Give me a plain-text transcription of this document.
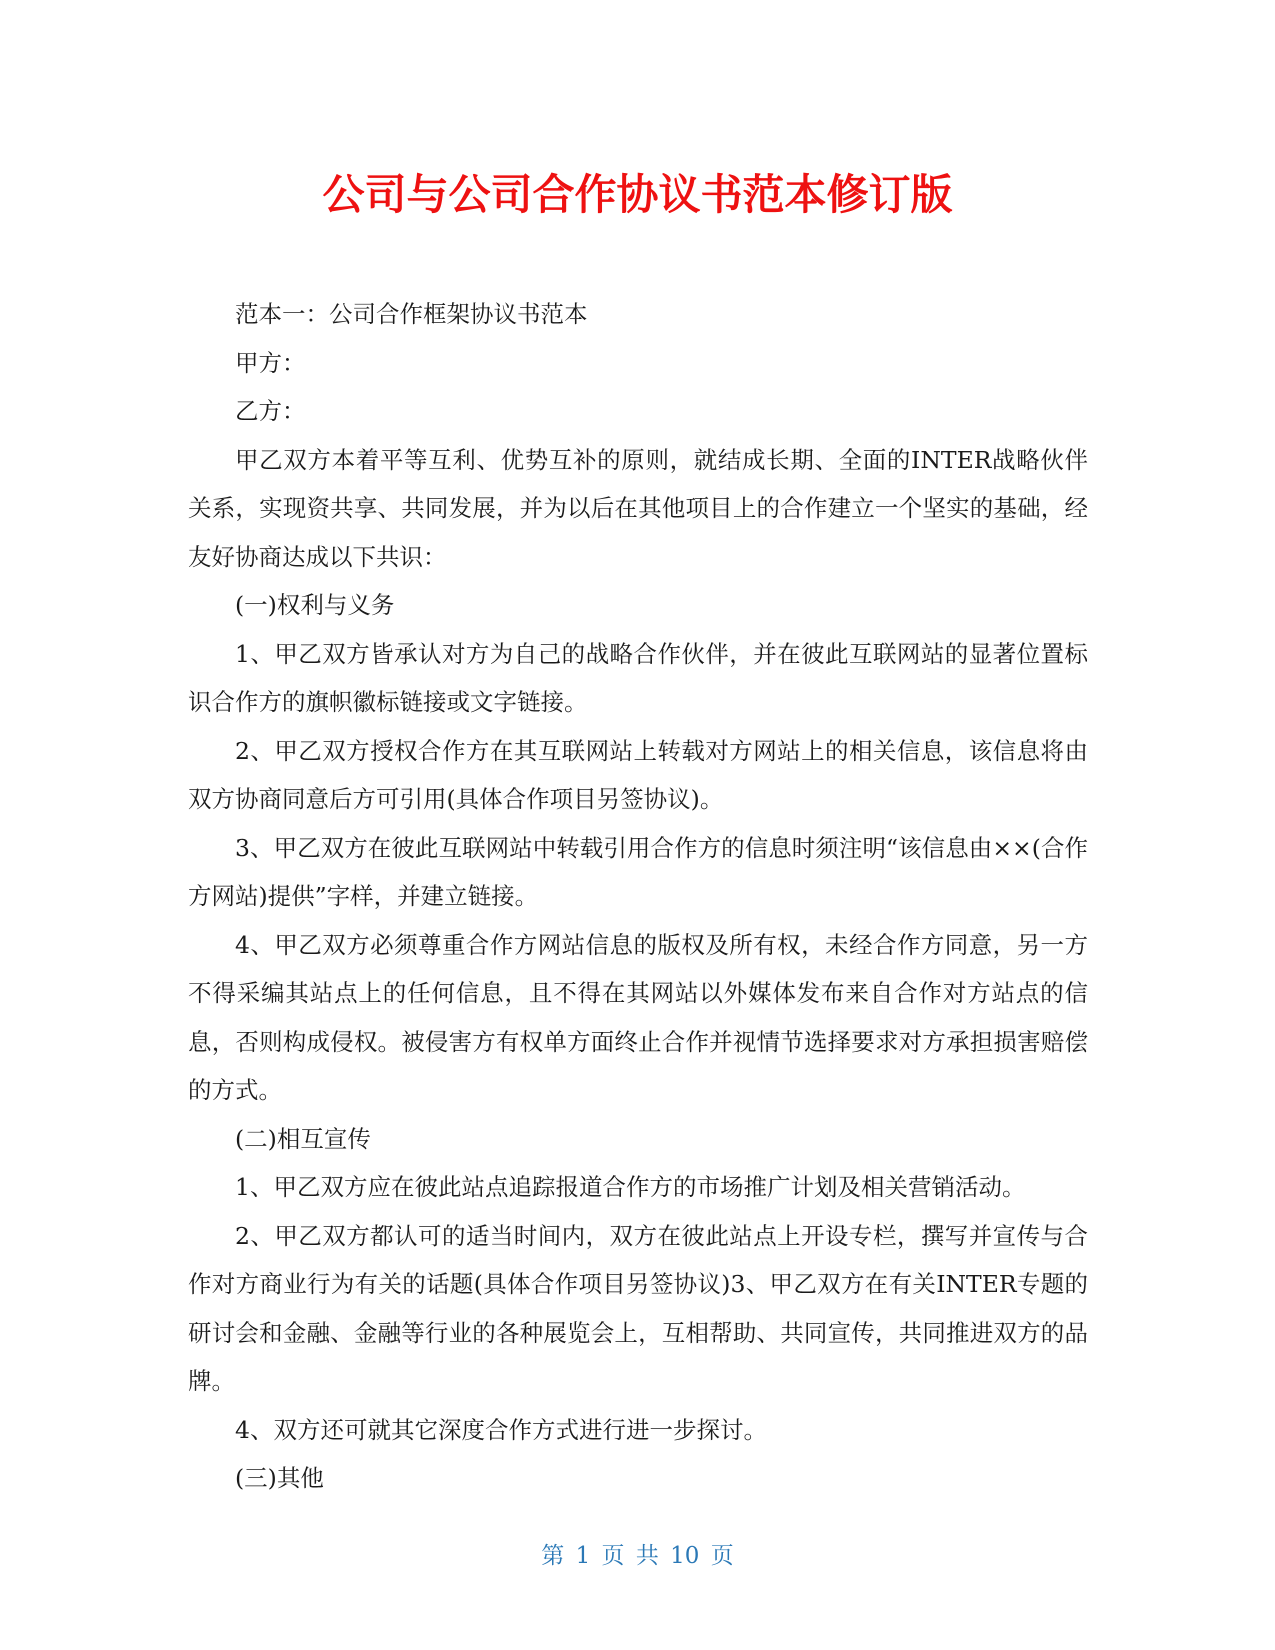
公司与公司合作协议书范本修订版

范本一：公司合作框架协议书范本

甲方：

乙方：

甲乙双方本着平等互利、优势互补的原则，就结成长期、全面的INTER战略伙伴关系，实现资共享、共同发展，并为以后在其他项目上的合作建立一个坚实的基础，经友好协商达成以下共识：

(一)权利与义务

1、甲乙双方皆承认对方为自己的战略合作伙伴，并在彼此互联网站的显著位置标识合作方的旗帜徽标链接或文字链接。

2、甲乙双方授权合作方在其互联网站上转载对方网站上的相关信息，该信息将由双方协商同意后方可引用(具体合作项目另签协议)。

3、甲乙双方在彼此互联网站中转载引用合作方的信息时须注明“该信息由××(合作方网站)提供”字样，并建立链接。

4、甲乙双方必须尊重合作方网站信息的版权及所有权，未经合作方同意，另一方不得采编其站点上的任何信息，且不得在其网站以外媒体发布来自合作对方站点的信息，否则构成侵权。被侵害方有权单方面终止合作并视情节选择要求对方承担损害赔偿的方式。

(二)相互宣传

1、甲乙双方应在彼此站点追踪报道合作方的市场推广计划及相关营销活动。

2、甲乙双方都认可的适当时间内，双方在彼此站点上开设专栏，撰写并宣传与合作对方商业行为有关的话题(具体合作项目另签协议)3、甲乙双方在有关INTER专题的研讨会和金融、金融等行业的各种展览会上，互相帮助、共同宣传，共同推进双方的品牌。

4、双方还可就其它深度合作方式进行进一步探讨。

(三)其他

第 1 页 共 10 页
